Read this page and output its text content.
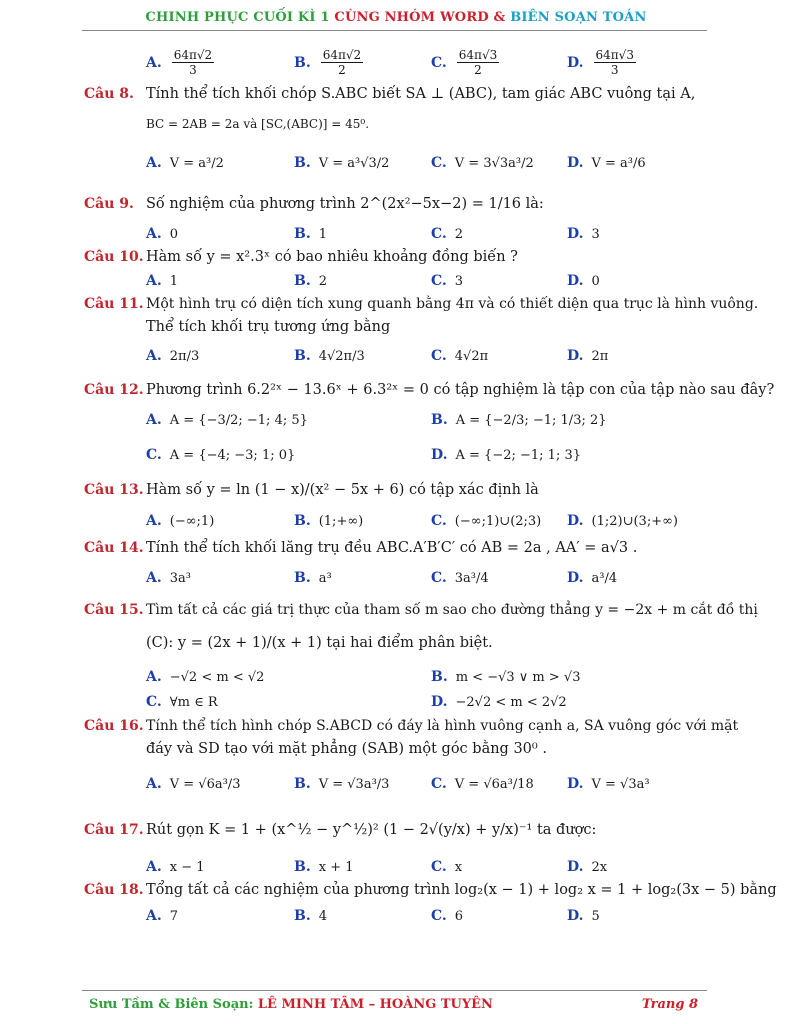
CHINH PHỤC CUỐI KÌ 1 CÙNG NHÓM WORD & BIÊN SOẠN TOÁN
A. $\frac{64\pi√2}{3}$	B. $\frac{64\pi√2}{2}$	C. $\frac{64\pi√3}{2}$	D. $\frac{64\pi√3}{3}$
Câu 8. Tính thể tích khối chóp S.ABC biết SA ⊥ (ABC), tam giác ABC vuông tại A,
BC = 2AB = 2a và [SC,(ABC)] = 45⁰.
A. V = a³/2	B. V = a³√3/2	C. V = 3√3a³/2 D. V = a³/6
Câu 9. Số nghiệm của phương trình 2^(2x²−5x−2) = 1/16 là:
A. 0	B. 1	C. 2	D. 3
Câu 10. Hàm số y = x².3ˣ có bao nhiêu khoảng đồng biến ?
A. 1	B. 2	C. 3	D. 0
Câu 11. Một hình trụ có diện tích xung quanh bằng 4π và có thiết diện qua trục là hình vuông.
Thể tích khối trụ tương ứng bằng
A. 2π/3	B. 4√2π/3	C. 4√2π	D. 2π
Câu 12. Phương trình 6.2²ˣ − 13.6ˣ + 6.3²ˣ = 0 có tập nghiệm là tập con của tập nào sau đây?
A. A = {−3/2; −1; 4; 5}	B. A = {−2/3; −1; 1/3; 2}
C. A = {−4; −3; 1; 0}	D. A = {−2; −1; 1; 3}
Câu 13. Hàm số y = ln (1 − x)/(x² − 5x + 6) có tập xác định là
A. (−∞;1)	B. (1;+∞)	C. (−∞;1)∪(2;3) D. (1;2)∪(3;+∞)
Câu 14. Tính thể tích khối lăng trụ đều ABC.A′B′C′ có AB = 2a , AA′ = a√3 .
A. 3a³	B. a³	C. 3a³/4	D. a³/4
Câu 15. Tìm tất cả các giá trị thực của tham số m sao cho đường thẳng y = −2x + m cắt đồ thị
(C): y = (2x + 1)/(x + 1) tại hai điểm phân biệt.
A. −√2 < m < √2	B. m < −√3 ∨ m > √3
C. ∀m ∈ R	D. −2√2 < m < 2√2
Câu 16. Tính thể tích hình chóp S.ABCD có đáy là hình vuông cạnh a, SA vuông góc với mặt
đáy và SD tạo với mặt phẳng (SAB) một góc bằng 30⁰ .
A. V = √6a³/3	B. V = √3a³/3	C. V = √6a³/18 D. V = √3a³
Câu 17. Rút gọn K = 1 + (x^½ − y^½)² (1 − 2√(y/x) + y/x)⁻¹ ta được:
A. x − 1	B. x + 1	C. x	D. 2x
Câu 18. Tổng tất cả các nghiệm của phương trình log₂(x − 1) + log₂ x = 1 + log₂(3x − 5) bằng
A. 7	B. 4	C. 6	D. 5
Sưu Tầm & Biên Soạn: LÊ MINH TÂM – HOÀNG TUYÊN	Trang 8
